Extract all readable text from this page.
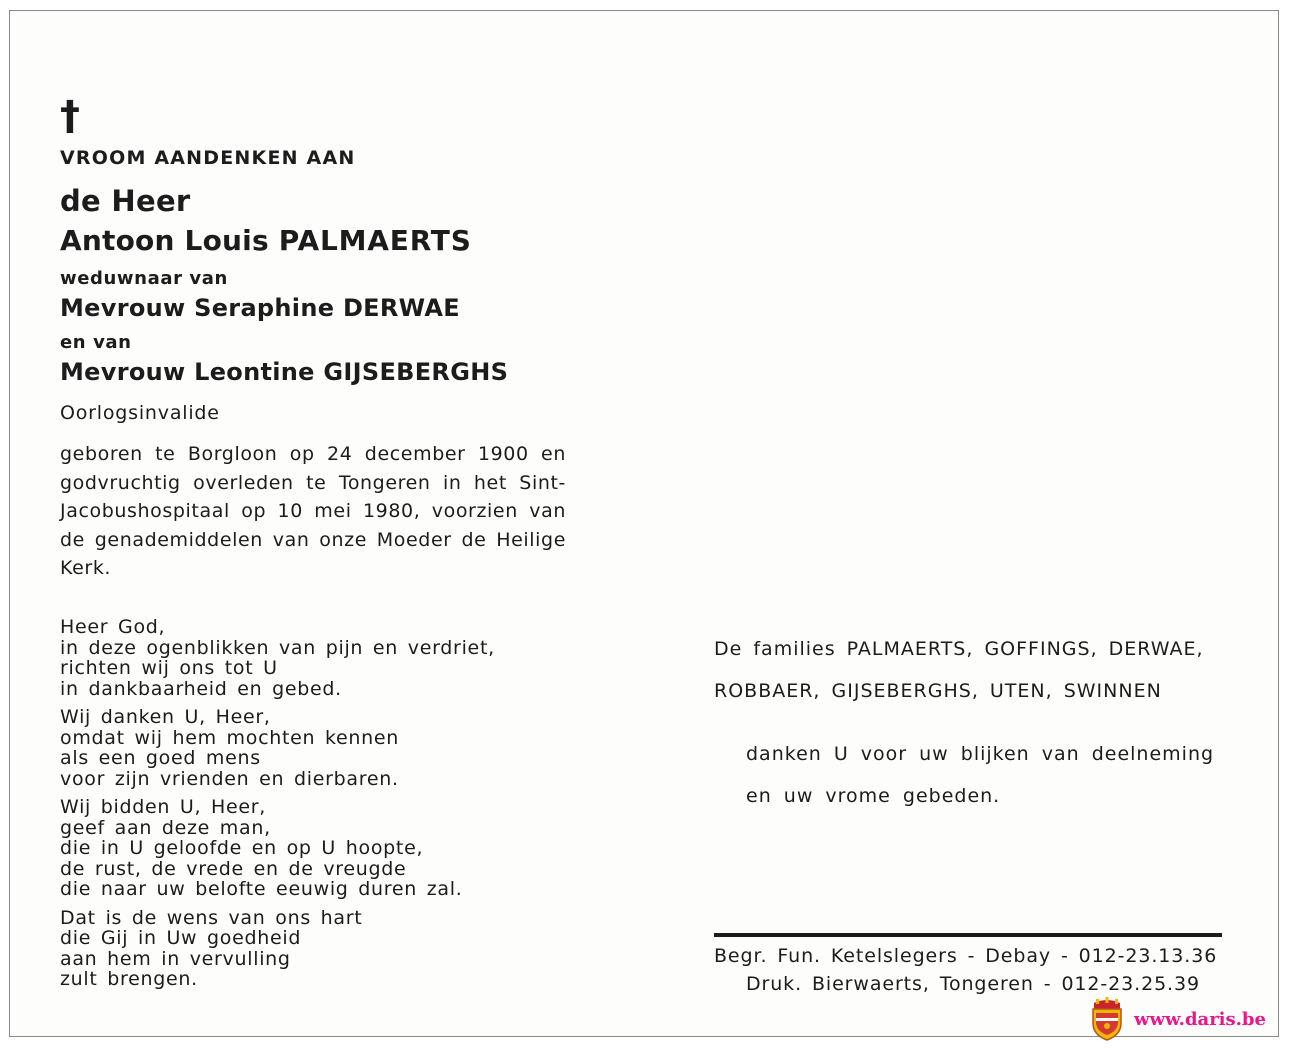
†
VROOM AANDENKEN AAN
de Heer
Antoon Louis PALMAERTS
weduwnaar van
Mevrouw Seraphine DERWAE
en van
Mevrouw Leontine GIJSEBERGHS
Oorlogsinvalide
geboren te Borgloon op 24 december 1900 en godvruchtig overleden te Tongeren in het Sint-Jacobushospitaal op 10 mei 1980, voorzien van de genademiddelen van onze Moeder de Heilige Kerk.
Heer God,
in deze ogenblikken van pijn en verdriet,
richten wij ons tot U
in dankbaarheid en gebed.
Wij danken U, Heer,
omdat wij hem mochten kennen
als een goed mens
voor zijn vrienden en dierbaren.
Wij bidden U, Heer,
geef aan deze man,
die in U geloofde en op U hoopte,
de rust, de vrede en de vreugde
die naar uw belofte eeuwig duren zal.
Dat is de wens van ons hart
die Gij in Uw goedheid
aan hem in vervulling
zult brengen.
De families PALMAERTS, GOFFINGS, DERWAE,
ROBBAER, GIJSEBERGHS, UTEN, SWINNEN
danken U voor uw blijken van deelneming
en uw vrome gebeden.
Begr. Fun. Ketelslegers - Debay - 012-23.13.36
Druk. Bierwaerts, Tongeren - 012-23.25.39
www.daris.be
